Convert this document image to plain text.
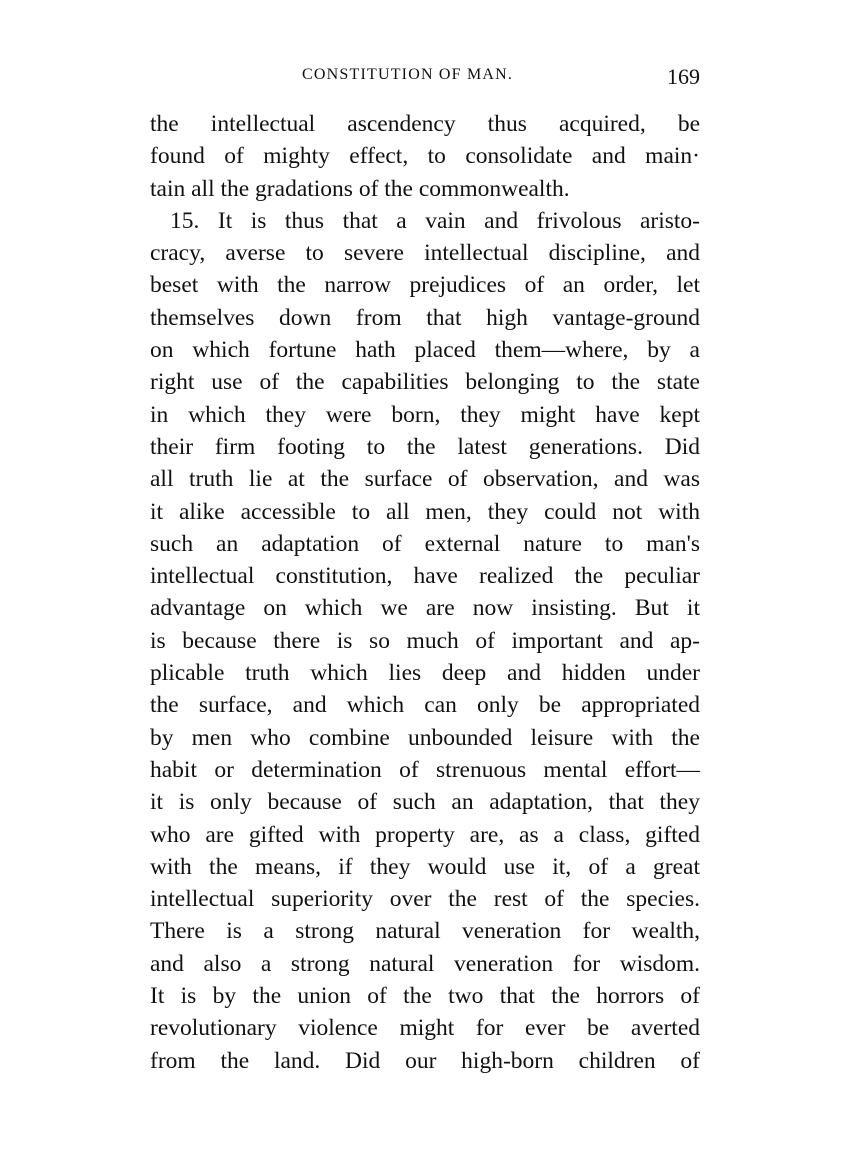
CONSTITUTION OF MAN.	169
the intellectual ascendency thus acquired, be
found of mighty effect, to consolidate and main·
tain all the gradations of the commonwealth.
15. It is thus that a vain and frivolous aristo-
cracy, averse to severe intellectual discipline, and
beset with the narrow prejudices of an order, let
themselves down from that high vantage-ground
on which fortune hath placed them—where, by a
right use of the capabilities belonging to the state
in which they were born, they might have kept
their firm footing to the latest generations. Did
all truth lie at the surface of observation, and was
it alike accessible to all men, they could not with
such an adaptation of external nature to man's
intellectual constitution, have realized the peculiar
advantage on which we are now insisting. But it
is because there is so much of important and ap-
plicable truth which lies deep and hidden under
the surface, and which can only be appropriated
by men who combine unbounded leisure with the
habit or determination of strenuous mental effort—
it is only because of such an adaptation, that they
who are gifted with property are, as a class, gifted
with the means, if they would use it, of a great
intellectual superiority over the rest of the species.
There is a strong natural veneration for wealth,
and also a strong natural veneration for wisdom.
It is by the union of the two that the horrors of
revolutionary violence might for ever be averted
from the land. Did our high-born children of
